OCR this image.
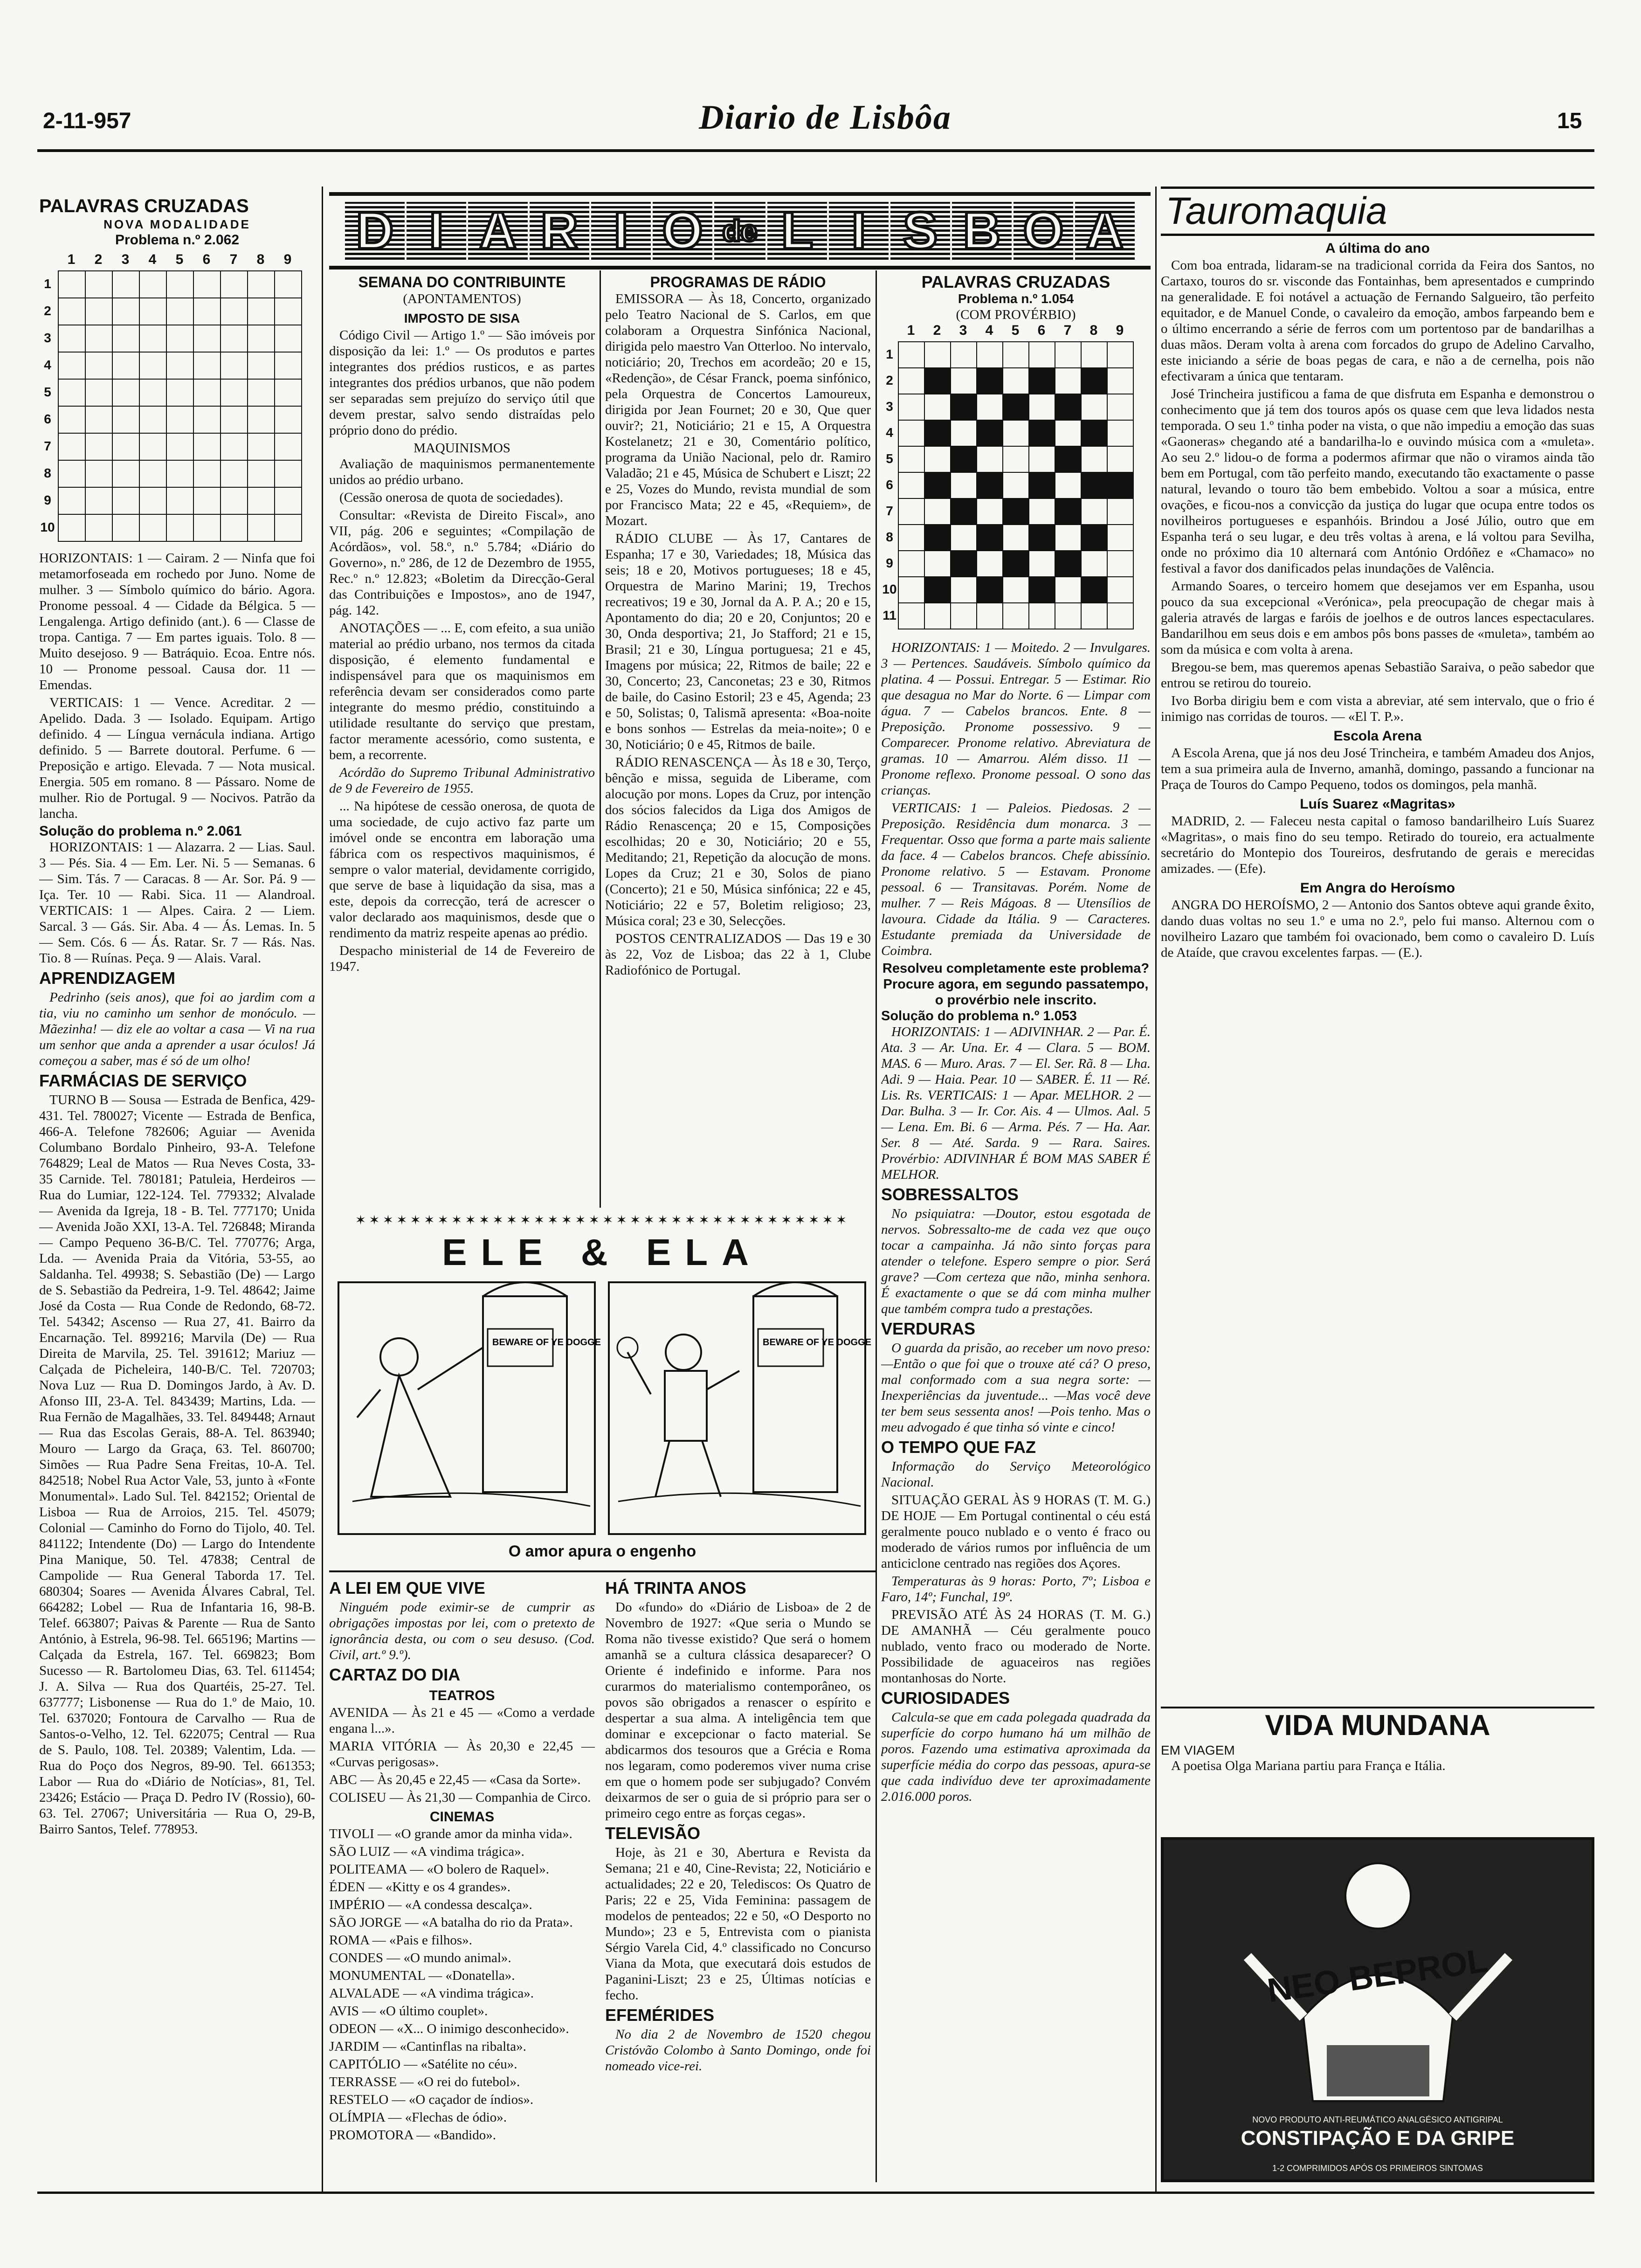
2-11-957	Diario de Lisbôa	15
PALAVRAS CRUZADAS
NOVA MODALIDADE
Problema n.º 2.062
1	2	3	4	5	6	7	8	9
1
2
3
4
5
6
7
8
9
10

HORIZONTAIS: 1 — Cairam. 2 — Ninfa que foi metamorfoseada em rochedo por Juno. Nome de mulher. 3 — Símbolo químico do bário. Agora. Pronome pessoal. 4 — Cidade da Bélgica. 5 — Lengalenga. Artigo definido (ant.). 6 — Classe de tropa. Cantiga. 7 — Em partes iguais. Tolo. 8 — Muito desejoso. 9 — Batráquio. Ecoa. Entre nós. 10 — Pronome pessoal. Causa dor. 11 — Emendas.

VERTICAIS: 1 — Vence. Acreditar. 2 — Apelido. Dada. 3 — Isolado. Equipam. Artigo definido. 4 — Língua vernácula indiana. Artigo definido. 5 — Barrete doutoral. Perfume. 6 — Preposição e artigo. Elevada. 7 — Nota musical. Energia. 505 em romano. 8 — Pássaro. Nome de mulher. Rio de Portugal. 9 — Nocivos. Patrão da lancha.

Solução do problema n.º 2.061

HORIZONTAIS: 1 — Alazarra. 2 — Lias. Saul. 3 — Pés. Sia. 4 — Em. Ler. Ni. 5 — Semanas. 6 — Sim. Tás. 7 — Caracas. 8 — Ar. Sor. Pá. 9 — Iça. Ter. 10 — Rabi. Sica. 11 — Alandroal. VERTICAIS: 1 — Alpes. Caira. 2 — Liem. Sarcal. 3 — Gás. Sir. Aba. 4 — Ás. Lemas. In. 5 — Sem. Cós. 6 — Ás. Ratar. Sr. 7 — Rás. Nas. Tio. 8 — Ruínas. Peça. 9 — Alais. Varal.

APRENDIZAGEM

Pedrinho (seis anos), que foi ao jardim com a tia, viu no caminho um senhor de monóculo. —Mãezinha! — diz ele ao voltar a casa — Vi na rua um senhor que anda a aprender a usar óculos! Já começou a saber, mas é só de um olho!

FARMÁCIAS DE SERVIÇO

TURNO B — Sousa — Estrada de Benfica, 429-431. Tel. 780027; Vicente — Estrada de Benfica, 466-A. Telefone 782606; Aguiar — Avenida Columbano Bordalo Pinheiro, 93-A. Telefone 764829; Leal de Matos — Rua Neves Costa, 33-35 Carnide. Tel. 780181; Patuleia, Herdeiros — Rua do Lumiar, 122-124. Tel. 779332; Alvalade — Avenida da Igreja, 18 - B. Tel. 777170; Unida — Avenida João XXI, 13-A. Tel. 726848; Miranda — Campo Pequeno 36-B/C. Tel. 770776; Arga, Lda. — Avenida Praia da Vitória, 53-55, ao Saldanha. Tel. 49938; S. Sebastião (De) — Largo de S. Sebastião da Pedreira, 1-9. Tel. 48642; Jaime José da Costa — Rua Conde de Redondo, 68-72. Tel. 54342; Ascenso — Rua 27, 41. Bairro da Encarnação. Tel. 899216; Marvila (De) — Rua Direita de Marvila, 25. Tel. 391612; Mariuz — Calçada de Picheleira, 140-B/C. Tel. 720703; Nova Luz — Rua D. Domingos Jardo, à Av. D. Afonso III, 23-A. Tel. 843439; Martins, Lda. — Rua Fernão de Magalhães, 33. Tel. 849448; Arnaut — Rua das Escolas Gerais, 88-A. Tel. 863940; Mouro — Largo da Graça, 63. Tel. 860700; Simões — Rua Padre Sena Freitas, 10-A. Tel. 842518; Nobel Rua Actor Vale, 53, junto à «Fonte Monumental». Lado Sul. Tel. 842152; Oriental de Lisboa — Rua de Arroios, 215. Tel. 45079; Colonial — Caminho do Forno do Tijolo, 40. Tel. 841122; Intendente (Do) — Largo do Intendente Pina Manique, 50. Tel. 47838; Central de Campolide — Rua General Taborda 17. Tel. 680304; Soares — Avenida Álvares Cabral, Tel. 664282; Lobel — Rua de Infantaria 16, 98-B. Telef. 663807; Paivas & Parente — Rua de Santo António, à Estrela, 96-98. Tel. 665196; Martins — Calçada da Estrela, 167. Tel. 669823; Bom Sucesso — R. Bartolomeu Dias, 63. Tel. 611454; J. A. Silva — Rua dos Quartéis, 25-27. Tel. 637777; Lisbonense — Rua do 1.º de Maio, 10. Tel. 637020; Fontoura de Carvalho — Rua de Santos-o-Velho, 12. Tel. 622075; Central — Rua de S. Paulo, 108. Tel. 20389; Valentim, Lda. — Rua do Poço dos Negros, 89-90. Tel. 661353; Labor — Rua do «Diário de Notícias», 81, Tel. 23426; Estácio — Praça D. Pedro IV (Rossio), 60-63. Tel. 27067; Universitária — Rua O, 29-B, Bairro Santos, Telef. 778953.

D I A R I O de L I S B O A
SEMANA DO CONTRIBUINTE
(APONTAMENTOS)
IMPOSTO DE SISA

Código Civil — Artigo 1.º — São imóveis por disposição da lei: 1.º — Os produtos e partes integrantes dos prédios rusticos, e as partes integrantes dos prédios urbanos, que não podem ser separadas sem prejuízo do serviço útil que devem prestar, salvo sendo distraídas pelo próprio dono do prédio.

MAQUINISMOS

Avaliação de maquinismos permanentemente unidos ao prédio urbano.

(Cessão onerosa de quota de sociedades).

Consultar: «Revista de Direito Fiscal», ano VII, pág. 206 e seguintes; «Compilação de Acórdãos», vol. 58.º, n.º 5.784; «Diário do Governo», n.º 286, de 12 de Dezembro de 1955, Rec.º n.º 12.823; «Boletim da Direcção-Geral das Contribuições e Impostos», ano de 1947, pág. 142.

ANOTAÇÕES — ... E, com efeito, a sua união material ao prédio urbano, nos termos da citada disposição, é elemento fundamental e indispensável para que os maquinismos em referência devam ser considerados como parte integrante do mesmo prédio, constituindo a utilidade resultante do serviço que prestam, factor meramente acessório, como sustenta, e bem, a recorrente.

Acórdão do Supremo Tribunal Administrativo de 9 de Fevereiro de 1955.

... Na hipótese de cessão onerosa, de quota de uma sociedade, de cujo activo faz parte um imóvel onde se encontra em laboração uma fábrica com os respectivos maquinismos, é sempre o valor material, devidamente corrigido, que serve de base à liquidação da sisa, mas a este, depois da correcção, terá de acrescer o valor declarado aos maquinismos, desde que o rendimento da matriz respeite apenas ao prédio.

Despacho ministerial de 14 de Fevereiro de 1947.

PROGRAMAS DE RÁDIO

EMISSORA — Às 18, Concerto, organizado pelo Teatro Nacional de S. Carlos, em que colaboram a Orquestra Sinfónica Nacional, dirigida pelo maestro Van Otterloo. No intervalo, noticiário; 20, Trechos em acordeão; 20 e 15, «Redenção», de César Franck, poema sinfónico, pela Orquestra de Concertos Lamoureux, dirigida por Jean Fournet; 20 e 30, Que quer ouvir?; 21, Noticiário; 21 e 15, A Orquestra Kostelanetz; 21 e 30, Comentário político, programa da União Nacional, pelo dr. Ramiro Valadão; 21 e 45, Música de Schubert e Liszt; 22 e 25, Vozes do Mundo, revista mundial de som por Francisco Mata; 22 e 45, «Requiem», de Mozart.

RÁDIO CLUBE — Às 17, Cantares de Espanha; 17 e 30, Variedades; 18, Música das seis; 18 e 20, Motivos portugueses; 18 e 45, Orquestra de Marino Marini; 19, Trechos recreativos; 19 e 30, Jornal da A. P. A.; 20 e 15, Apontamento do dia; 20 e 20, Conjuntos; 20 e 30, Onda desportiva; 21, Jo Stafford; 21 e 15, Brasil; 21 e 30, Língua portuguesa; 21 e 45, Imagens por música; 22, Ritmos de baile; 22 e 30, Concerto; 23, Canconetas; 23 e 30, Ritmos de baile, do Casino Estoril; 23 e 45, Agenda; 23 e 50, Solistas; 0, Talismã apresenta: «Boa-noite e bons sonhos — Estrelas da meia-noite»; 0 e 30, Noticiário; 0 e 45, Ritmos de baile.

RÁDIO RENASCENÇA — Às 18 e 30, Terço, bênção e missa, seguida de Liberame, com alocução por mons. Lopes da Cruz, por intenção dos sócios falecidos da Liga dos Amigos de Rádio Renascença; 20 e 15, Composições escolhidas; 20 e 30, Noticiário; 20 e 55, Meditando; 21, Repetição da alocução de mons. Lopes da Cruz; 21 e 30, Solos de piano (Concerto); 21 e 50, Música sinfónica; 22 e 45, Noticiário; 22 e 57, Boletim religioso; 23, Música coral; 23 e 30, Selecções.

POSTOS CENTRALIZADOS — Das 19 e 30 às 22, Voz de Lisboa; das 22 à 1, Clube Radiofónico de Portugal.

PALAVRAS CRUZADAS
Problema n.º 1.054
(COM PROVÉRBIO)
1	2	3	4	5	6	7	8	9
1
2
3
4
5
6
7
8
9
10
11

HORIZONTAIS: 1 — Moitedo. 2 — Invulgares. 3 — Pertences. Saudáveis. Símbolo químico da platina. 4 — Possui. Entregar. 5 — Estimar. Rio que desagua no Mar do Norte. 6 — Limpar com água. 7 — Cabelos brancos. Ente. 8 — Preposição. Pronome possessivo. 9 — Comparecer. Pronome relativo. Abreviatura de gramas. 10 — Amarrou. Além disso. 11 — Pronome reflexo. Pronome pessoal. O sono das crianças.

VERTICAIS: 1 — Paleios. Piedosas. 2 — Preposição. Residência dum monarca. 3 — Frequentar. Osso que forma a parte mais saliente da face. 4 — Cabelos brancos. Chefe abissínio. Pronome relativo. 5 — Estavam. Pronome pessoal. 6 — Transitavas. Porém. Nome de mulher. 7 — Reis Mágoas. 8 — Utensílios de lavoura. Cidade da Itália. 9 — Caracteres. Estudante premiada da Universidade de Coimbra.

Resolveu completamente este problema?
Procure agora, em segundo passatempo, o provérbio nele inscrito.
Solução do problema n.º 1.053

HORIZONTAIS: 1 — ADIVINHAR. 2 — Par. É. Ata. 3 — Ar. Una. Er. 4 — Clara. 5 — BOM. MAS. 6 — Muro. Aras. 7 — El. Ser. Rã. 8 — Lha. Adi. 9 — Haia. Pear. 10 — SABER. É. 11 — Ré. Lis. Rs. VERTICAIS: 1 — Apar. MELHOR. 2 — Dar. Bulha. 3 — Ir. Cor. Ais. 4 — Ulmos. Aal. 5 — Lena. Em. Bi. 6 — Arma. Pés. 7 — Ha. Aar. Ser. 8 — Até. Sarda. 9 — Rara. Saires. Provérbio: ADIVINHAR É BOM MAS SABER É MELHOR.

SOBRESSALTOS

No psiquiatra: —Doutor, estou esgotada de nervos. Sobressalto-me de cada vez que ouço tocar a campainha. Já não sinto forças para atender o telefone. Espero sempre o pior. Será grave? —Com certeza que não, minha senhora. É exactamente o que se dá com minha mulher que também compra tudo a prestações.

VERDURAS

O guarda da prisão, ao receber um novo preso: —Então o que foi que o trouxe até cá? O preso, mal conformado com a sua negra sorte: —Inexperiências da juventude... —Mas você deve ter bem seus sessenta anos! —Pois tenho. Mas o meu advogado é que tinha só vinte e cinco!

O TEMPO QUE FAZ

Informação do Serviço Meteorológico Nacional.

SITUAÇÃO GERAL ÀS 9 HORAS (T. M. G.) DE HOJE — Em Portugal continental o céu está geralmente pouco nublado e o vento é fraco ou moderado de vários rumos por influência de um anticiclone centrado nas regiões dos Açores.

Temperaturas às 9 horas: Porto, 7º; Lisboa e Faro, 14º; Funchal, 19º.

PREVISÃO ATÉ ÀS 24 HORAS (T. M. G.) DE AMANHÃ — Céu geralmente pouco nublado, vento fraco ou moderado de Norte. Possibilidade de aguaceiros nas regiões montanhosas do Norte.

CURIOSIDADES

Calcula-se que em cada polegada quadrada da superfície do corpo humano há um milhão de poros. Fazendo uma estimativa aproximada da superfície média do corpo das pessoas, apura-se que cada indivíduo deve ter aproximadamente 2.016.000 poros.

✶✶✶✶✶✶✶✶✶✶✶✶✶✶✶✶✶✶✶✶✶✶✶✶✶✶✶✶✶✶✶✶✶✶✶✶
ELE & ELA
BEWARE OF YE DOGGE	BEWARE OF YE DOGGE
O amor apura o engenho
A LEI EM QUE VIVE

Ninguém pode eximir-se de cumprir as obrigações impostas por lei, com o pretexto de ignorância desta, ou com o seu desuso. (Cod. Civil, art.º 9.º).

CARTAZ DO DIA
TEATROS

AVENIDA — Às 21 e 45 — «Como a verdade engana l...».

MARIA VITÓRIA — Às 20,30 e 22,45 — «Curvas perigosas».

ABC — Às 20,45 e 22,45 — «Casa da Sorte».

COLISEU — Às 21,30 — Companhia de Circo.

CINEMAS

TIVOLI — «O grande amor da minha vida».

SÃO LUIZ — «A vindima trágica».

POLITEAMA — «O bolero de Raquel».

ÉDEN — «Kitty e os 4 grandes».

IMPÉRIO — «A condessa descalça».

SÃO JORGE — «A batalha do rio da Prata».

ROMA — «Pais e filhos».

CONDES — «O mundo animal».

MONUMENTAL — «Donatella».

ALVALADE — «A vindima trágica».

AVIS — «O último couplet».

ODEON — «X... O inimigo desconhecido».

JARDIM — «Cantinflas na ribalta».

CAPITÓLIO — «Satélite no céu».

TERRASSE — «O rei do futebol».

RESTELO — «O caçador de índios».

OLÍMPIA — «Flechas de ódio».

PROMOTORA — «Bandido».

HÁ TRINTA ANOS

Do «fundo» do «Diário de Lisboa» de 2 de Novembro de 1927: «Que seria o Mundo se Roma não tivesse existido? Que será o homem amanhã se a cultura clássica desaparecer? O Oriente é indefinido e informe. Para nos curarmos do materialismo contemporâneo, os povos são obrigados a renascer o espírito e despertar a sua alma. A inteligência tem que dominar e excepcionar o facto material. Se abdicarmos dos tesouros que a Grécia e Roma nos legaram, como poderemos viver numa crise em que o homem pode ser subjugado? Convém deixarmos de ser o guia de si próprio para ser o primeiro cego entre as forças cegas».

TELEVISÃO

Hoje, às 21 e 30, Abertura e Revista da Semana; 21 e 40, Cine-Revista; 22, Noticiário e actualidades; 22 e 20, Telediscos: Os Quatro de Paris; 22 e 25, Vida Feminina: passagem de modelos de penteados; 22 e 50, «O Desporto no Mundo»; 23 e 5, Entrevista com o pianista Sérgio Varela Cid, 4.º classificado no Concurso Viana da Mota, que executará dois estudos de Paganini-Liszt; 23 e 25, Últimas notícias e fecho.

EFEMÉRIDES

No dia 2 de Novembro de 1520 chegou Cristóvão Colombo à Santo Domingo, onde foi nomeado vice-rei.

Tauromaquia
A última do ano

Com boa entrada, lidaram-se na tradicional corrida da Feira dos Santos, no Cartaxo, touros do sr. visconde das Fontainhas, bem apresentados e cumprindo na generalidade. E foi notável a actuação de Fernando Salgueiro, tão perfeito equitador, e de Manuel Conde, o cavaleiro da emoção, ambos farpeando bem e o último encerrando a série de ferros com um portentoso par de bandarilhas a duas mãos. Deram volta à arena com forcados do grupo de Adelino Carvalho, este iniciando a série de boas pegas de cara, e não a de cernelha, pois não efectivaram a única que tentaram.

José Trincheira justificou a fama de que disfruta em Espanha e demonstrou o conhecimento que já tem dos touros após os quase cem que leva lidados nesta temporada. O seu 1.º tinha poder na vista, o que não impediu a emoção das suas «Gaoneras» chegando até a bandarilha-lo e ouvindo música com a «muleta». Ao seu 2.º lidou-o de forma a podermos afirmar que não o viramos ainda tão bem em Portugal, com tão perfeito mando, executando tão exactamente o passe natural, levando o touro tão bem embebido. Voltou a soar a música, entre ovações, e ficou-nos a convicção da justiça do lugar que ocupa entre todos os novilheiros portugueses e espanhóis. Brindou a José Júlio, outro que em Espanha terá o seu lugar, e deu três voltas à arena, e lá voltou para Sevilha, onde no próximo dia 10 alternará com António Ordóñez e «Chamaco» no festival a favor dos danificados pelas inundações de Valência.

Armando Soares, o terceiro homem que desejamos ver em Espanha, usou pouco da sua excepcional «Verónica», pela preocupação de chegar mais à galeria através de largas e faróis de joelhos e de outros lances espectaculares. Bandarilhou em seus dois e em ambos pôs bons passes de «muleta», também ao som da música e com volta à arena.

Bregou-se bem, mas queremos apenas Sebastião Saraiva, o peão sabedor que entrou se retirou do toureio.

Ivo Borba dirigiu bem e com vista a abreviar, até sem intervalo, que o frio é inimigo nas corridas de touros. — «El T. P.».

Escola Arena

A Escola Arena, que já nos deu José Trincheira, e também Amadeu dos Anjos, tem a sua primeira aula de Inverno, amanhã, domingo, passando a funcionar na Praça de Touros do Campo Pequeno, todos os domingos, pela manhã.

Luís Suarez «Magritas»

MADRID, 2. — Faleceu nesta capital o famoso bandarilheiro Luís Suarez «Magritas», o mais fino do seu tempo. Retirado do toureio, era actualmente secretário do Montepio dos Toureiros, desfrutando de gerais e merecidas amizades. — (Efe).

Em Angra do Heroísmo

ANGRA DO HEROÍSMO, 2 — Antonio dos Santos obteve aqui grande êxito, dando duas voltas no seu 1.º e uma no 2.º, pelo fui manso. Alternou com o novilheiro Lazaro que também foi ovacionado, bem como o cavaleiro D. Luís de Ataíde, que cravou excelentes farpas. — (E.).

VIDA MUNDANA
EM VIAGEM
A poetisa Olga Mariana partiu para França e Itália.
NEO BEPROL
NOVO PRODUTO ANTI-REUMÁTICO ANALGÉSICO ANTIGRIPAL
CONSTIPAÇÃO E DA GRIPE
1-2 COMPRIMIDOS APÓS OS PRIMEIROS SINTOMAS
